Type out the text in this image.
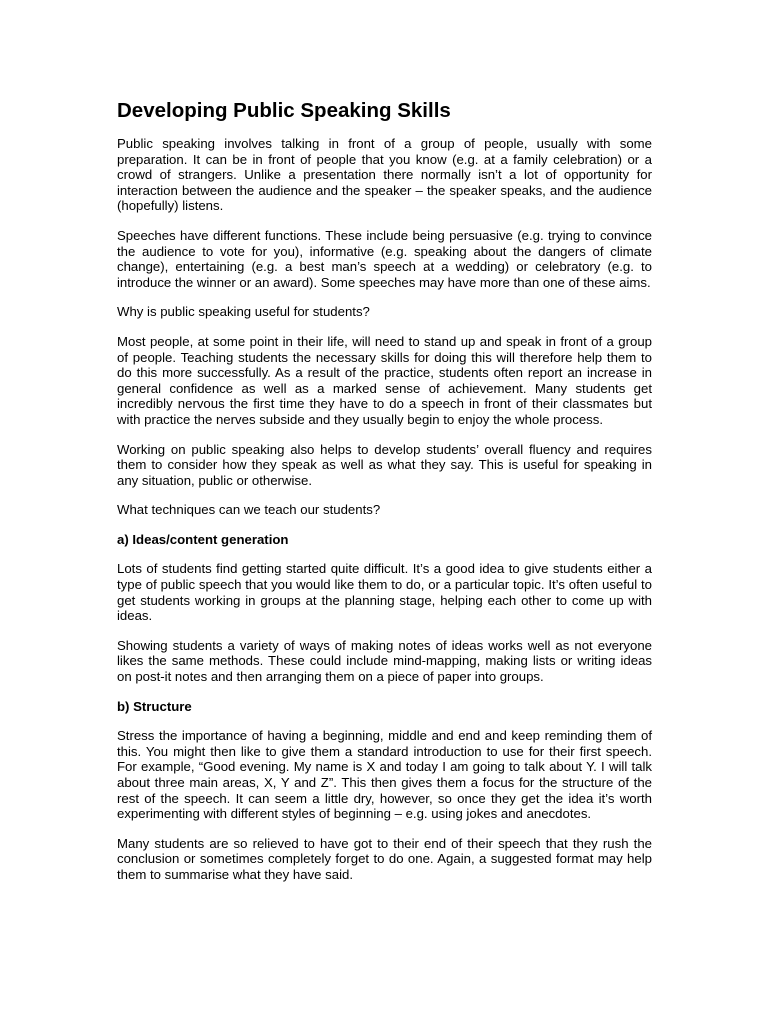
Developing Public Speaking Skills

Public speaking involves talking in front of a group of people, usually with some preparation. It can be in front of people that you know (e.g. at a family celebration) or a crowd of strangers. Unlike a presentation there normally isn’t a lot of opportunity for interaction between the audience and the speaker – the speaker speaks, and the audience (hopefully) listens.

Speeches have different functions. These include being persuasive (e.g. trying to convince the audience to vote for you), informative (e.g. speaking about the dangers of climate change), entertaining (e.g. a best man’s speech at a wedding) or celebratory (e.g. to introduce the winner or an award). Some speeches may have more than one of these aims.

Why is public speaking useful for students?

Most people, at some point in their life, will need to stand up and speak in front of a group of people. Teaching students the necessary skills for doing this will therefore help them to do this more successfully. As a result of the practice, students often report an increase in general confidence as well as a marked sense of achievement. Many students get incredibly nervous the first time they have to do a speech in front of their classmates but with practice the nerves subside and they usually begin to enjoy the whole process.

Working on public speaking also helps to develop students’ overall fluency and requires them to consider how they speak as well as what they say. This is useful for speaking in any situation, public or otherwise.

What techniques can we teach our students?

a) Ideas/content generation

Lots of students find getting started quite difficult. It’s a good idea to give students either a type of public speech that you would like them to do, or a particular topic. It’s often useful to get students working in groups at the planning stage, helping each other to come up with ideas.

Showing students a variety of ways of making notes of ideas works well as not everyone likes the same methods. These could include mind-mapping, making lists or writing ideas on post-it notes and then arranging them on a piece of paper into groups.

b) Structure

Stress the importance of having a beginning, middle and end and keep reminding them of this. You might then like to give them a standard introduction to use for their first speech. For example, “Good evening. My name is X and today I am going to talk about Y. I will talk about three main areas, X, Y and Z”. This then gives them a focus for the structure of the rest of the speech. It can seem a little dry, however, so once they get the idea it’s worth experimenting with different styles of beginning – e.g. using jokes and anecdotes.

Many students are so relieved to have got to their end of their speech that they rush the conclusion or sometimes completely forget to do one. Again, a suggested format may help them to summarise what they have said.
